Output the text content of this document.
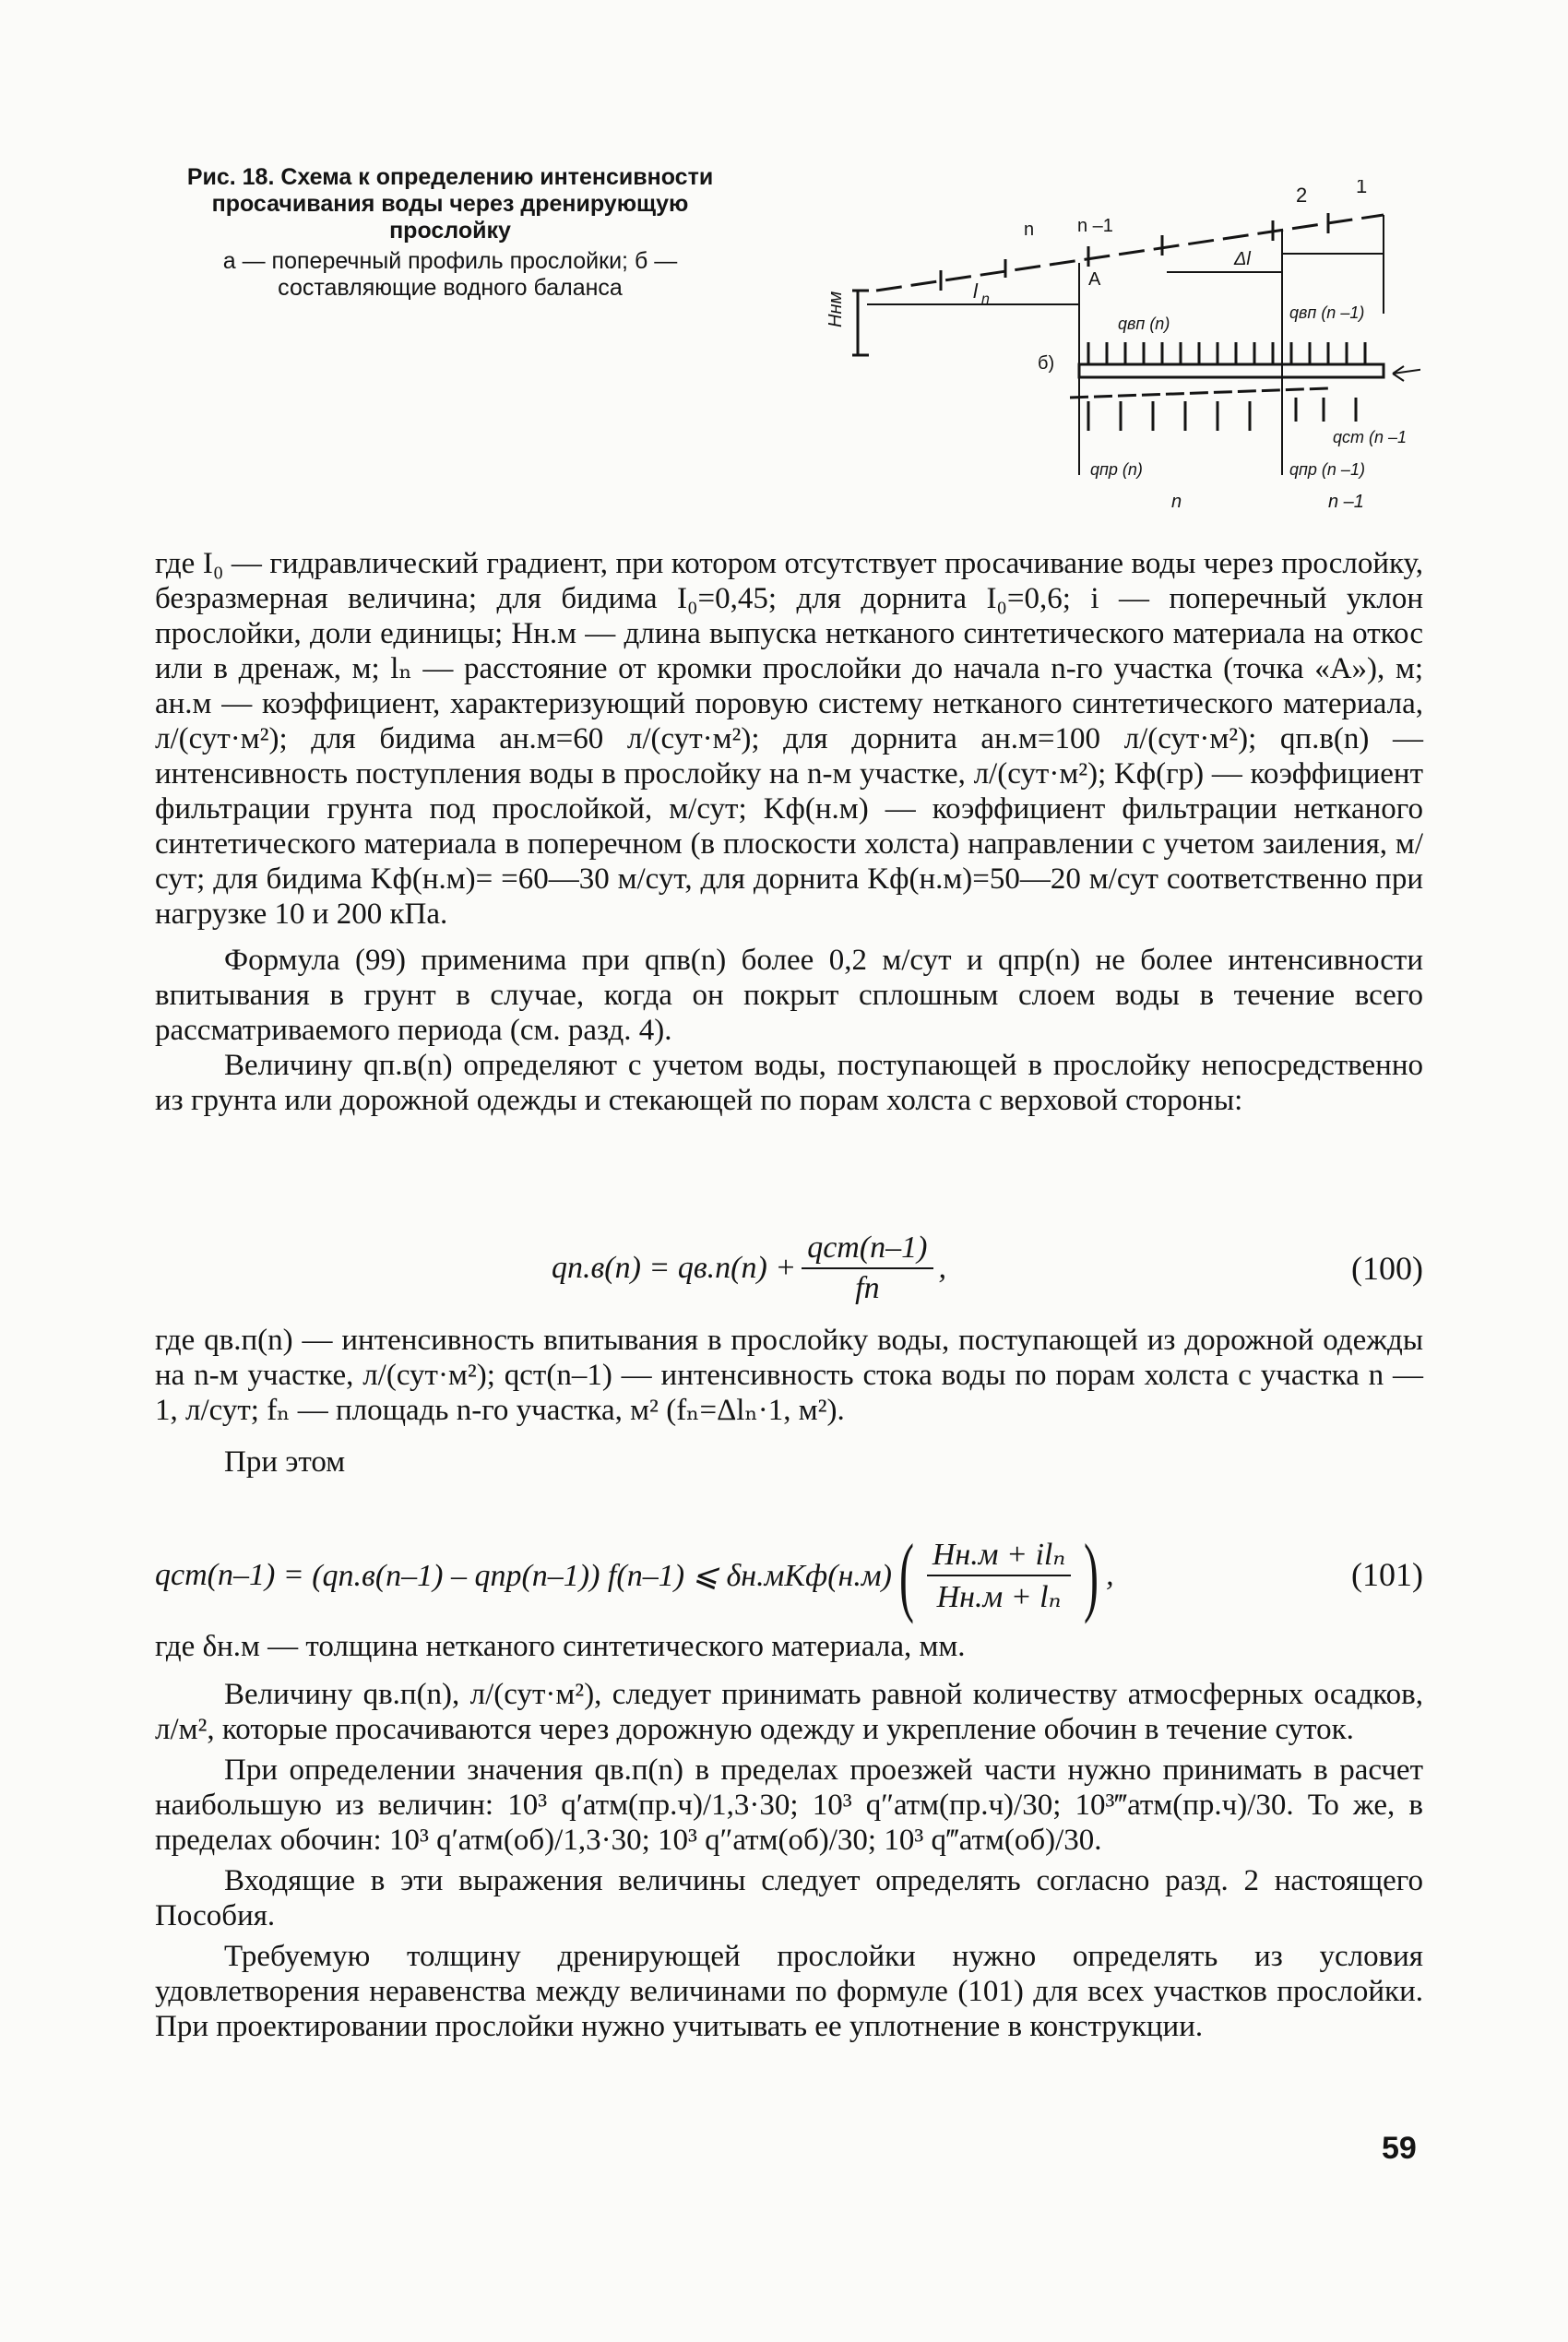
Рис. 18. Схема к определению интенсивности просачивания воды через дренирующую прослойку
а — поперечный профиль прослойки; б — составляющие водного баланса
n n –1
2 1
А
Δl
l n
Hнм
б)
qвп (n)
qвп (n –1)
qст (n –1
qпр (n)	qпр (n –1)
n	n –1

где I₀ — гидравлический градиент, при котором отсутствует просачивание воды через прослойку, безразмерная величина; для бидима I₀=0,45; для дорнита I₀=0,6; i — поперечный уклон прослойки, доли единицы; Hн.м — длина выпуска нетканого синтетического материала на откос или в дренаж, м; lₙ — расстояние от кромки прослойки до начала n-го участка (точка «А»), м; aн.м — коэффициент, характеризующий поровую систему нетканого синтетического материала, л/(сут·м²); для бидима aн.м=60 л/(сут·м²); для дорнита aн.м=100 л/(сут·м²); qп.в(n) — интенсивность поступления воды в прослойку на n-м участке, л/(сут·м²); Kф(гр) — коэффициент фильтрации грунта под прослойкой, м/сут; Kф(н.м) — коэффициент фильтрации нетканого синтетического материала в поперечном (в плоскости холста) направлении с учетом заиления, м/сут; для бидима Kф(н.м)= =60—30 м/сут, для дорнита Kф(н.м)=50—20 м/сут соответственно при нагрузке 10 и 200 кПа.

Формула (99) применима при qпв(n) более 0,2 м/сут и qпр(n) не более интенсивности впитывания в грунт в случае, когда он покрыт сплошным слоем воды в течение всего рассматриваемого периода (см. разд. 4).

Величину qп.в(n) определяют с учетом воды, поступающей в прослойку непосредственно из грунта или дорожной одежды и стекающей по порам холста с верховой стороны:

qп.в(n) =
$qв.п(n) + \frac{\text{qст(n–1)}}{fn}$ ,	(100)

где qв.п(n) — интенсивность впитывания в прослойку воды, поступающей из дорожной одежды на n-м участке, л/(сут·м²); qст(n–1) — интенсивность стока воды по порам холста с участка n — 1, л/сут; fₙ — площадь n-го участка, м² (fₙ=Δlₙ·1, м²).

При этом

qст(n–1) =
(qп.в(n–1) – qпр(n–1)) f(n–1) ⩽ δн.мKф(н.м) ( $\frac{\text{Hн.м + ilₙ}}{\text{Hн.м + lₙ}}$ ) ,	(101)

где δн.м — толщина нетканого синтетического материала, мм.

Величину qв.п(n), л/(сут·м²), следует принимать равной количеству атмосферных осадков, л/м², которые просачиваются через дорожную одежду и укрепление обочин в течение суток.

При определении значения qв.п(n) в пределах проезжей части нужно принимать в расчет наибольшую из величин: 10³ q′атм(пр.ч)/1,3·30; 10³ q″атм(пр.ч)/30; 10³‴атм(пр.ч)/30. То же, в пределах обочин: 10³ q′атм(об)/1,3·30; 10³ q″атм(об)/30; 10³ q‴атм(об)/30.

Входящие в эти выражения величины следует определять согласно разд. 2 настоящего Пособия.

Требуемую толщину дренирующей прослойки нужно определять из условия удовлетворения неравенства между величинами по формуле (101) для всех участков прослойки. При проектировании прослойки нужно учитывать ее уплотнение в конструкции.

59
